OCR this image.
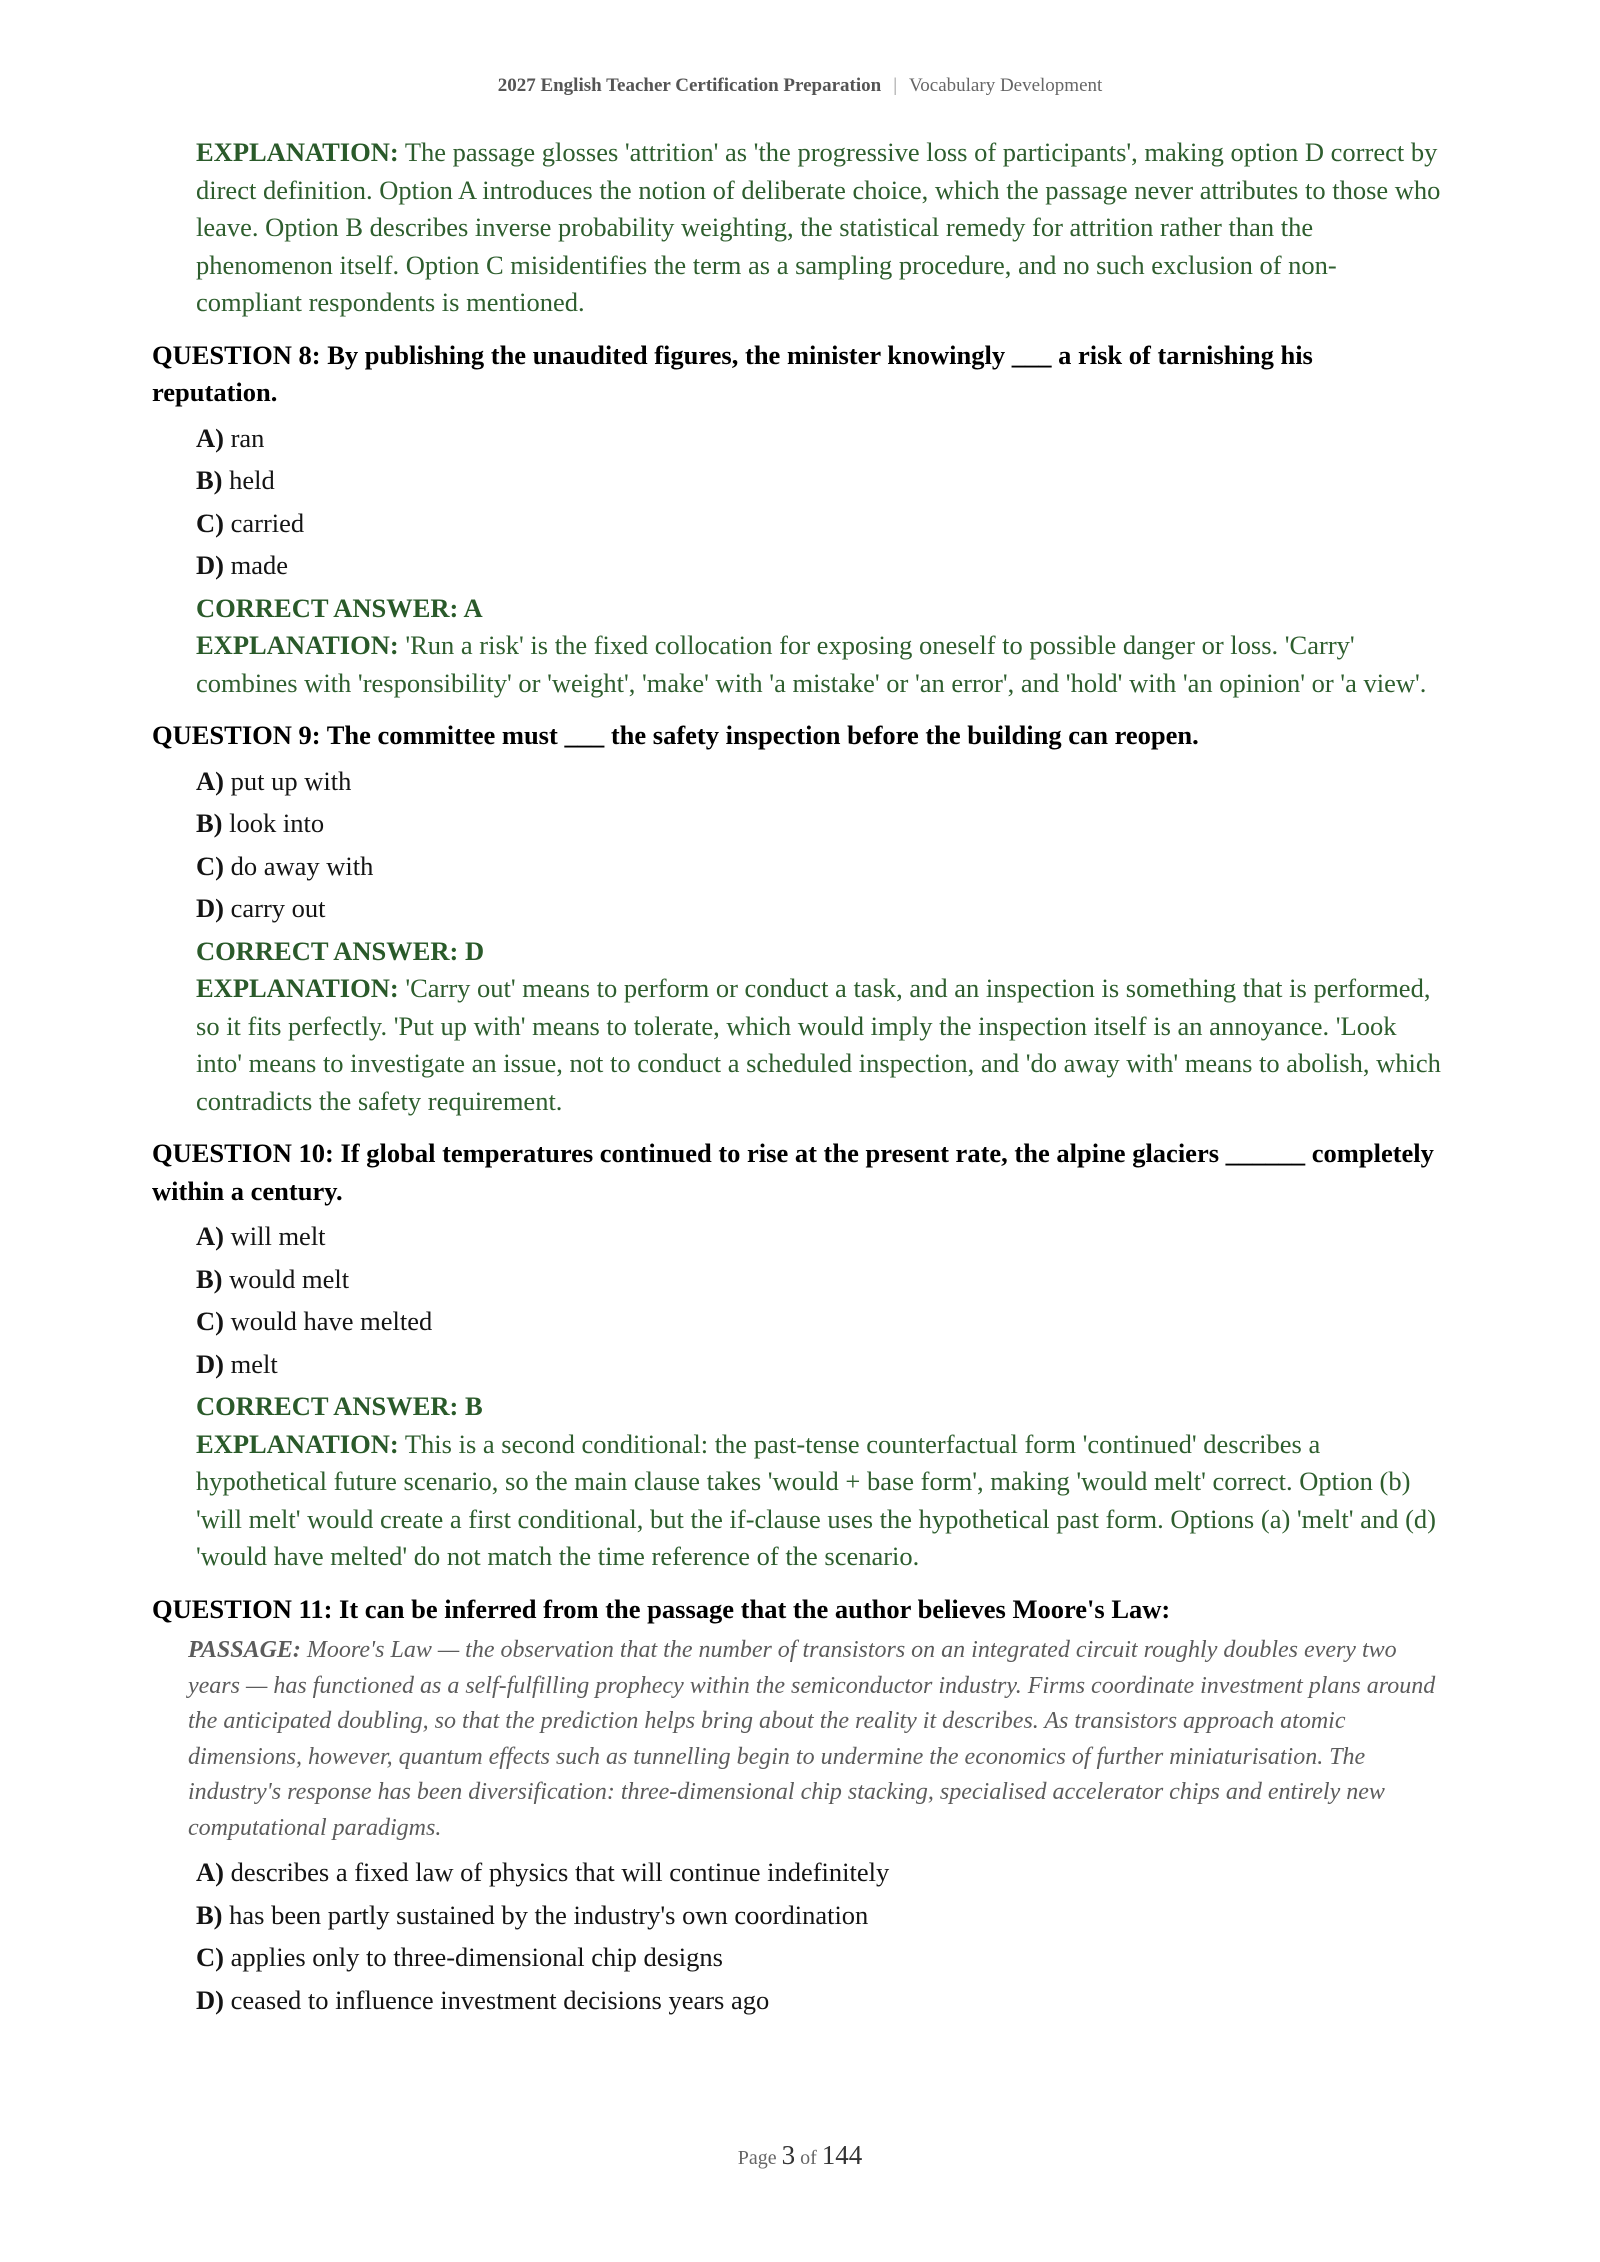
2027 English Teacher Certification Preparation | Vocabulary Development
EXPLANATION: The passage glosses 'attrition' as 'the progressive loss of participants', making option D correct by direct definition. Option A introduces the notion of deliberate choice, which the passage never attributes to those who leave. Option B describes inverse probability weighting, the statistical remedy for attrition rather than the phenomenon itself. Option C misidentifies the term as a sampling procedure, and no such exclusion of non-compliant respondents is mentioned.
QUESTION 8: By publishing the unaudited figures, the minister knowingly ___ a risk of tarnishing his reputation.
A) ran
B) held
C) carried
D) made
CORRECT ANSWER: A
EXPLANATION: 'Run a risk' is the fixed collocation for exposing oneself to possible danger or loss. 'Carry' combines with 'responsibility' or 'weight', 'make' with 'a mistake' or 'an error', and 'hold' with 'an opinion' or 'a view'.
QUESTION 9: The committee must ___ the safety inspection before the building can reopen.
A) put up with
B) look into
C) do away with
D) carry out
CORRECT ANSWER: D
EXPLANATION: 'Carry out' means to perform or conduct a task, and an inspection is something that is performed, so it fits perfectly. 'Put up with' means to tolerate, which would imply the inspection itself is an annoyance. 'Look into' means to investigate an issue, not to conduct a scheduled inspection, and 'do away with' means to abolish, which contradicts the safety requirement.
QUESTION 10: If global temperatures continued to rise at the present rate, the alpine glaciers ______ completely within a century.
A) will melt
B) would melt
C) would have melted
D) melt
CORRECT ANSWER: B
EXPLANATION: This is a second conditional: the past-tense counterfactual form 'continued' describes a hypothetical future scenario, so the main clause takes 'would + base form', making 'would melt' correct. Option (b) 'will melt' would create a first conditional, but the if-clause uses the hypothetical past form. Options (a) 'melt' and (d) 'would have melted' do not match the time reference of the scenario.
QUESTION 11: It can be inferred from the passage that the author believes Moore's Law:
PASSAGE: Moore's Law — the observation that the number of transistors on an integrated circuit roughly doubles every two years — has functioned as a self-fulfilling prophecy within the semiconductor industry. Firms coordinate investment plans around the anticipated doubling, so that the prediction helps bring about the reality it describes. As transistors approach atomic dimensions, however, quantum effects such as tunnelling begin to undermine the economics of further miniaturisation. The industry's response has been diversification: three-dimensional chip stacking, specialised accelerator chips and entirely new computational paradigms.
A) describes a fixed law of physics that will continue indefinitely
B) has been partly sustained by the industry's own coordination
C) applies only to three-dimensional chip designs
D) ceased to influence investment decisions years ago
Page 3 of 144
